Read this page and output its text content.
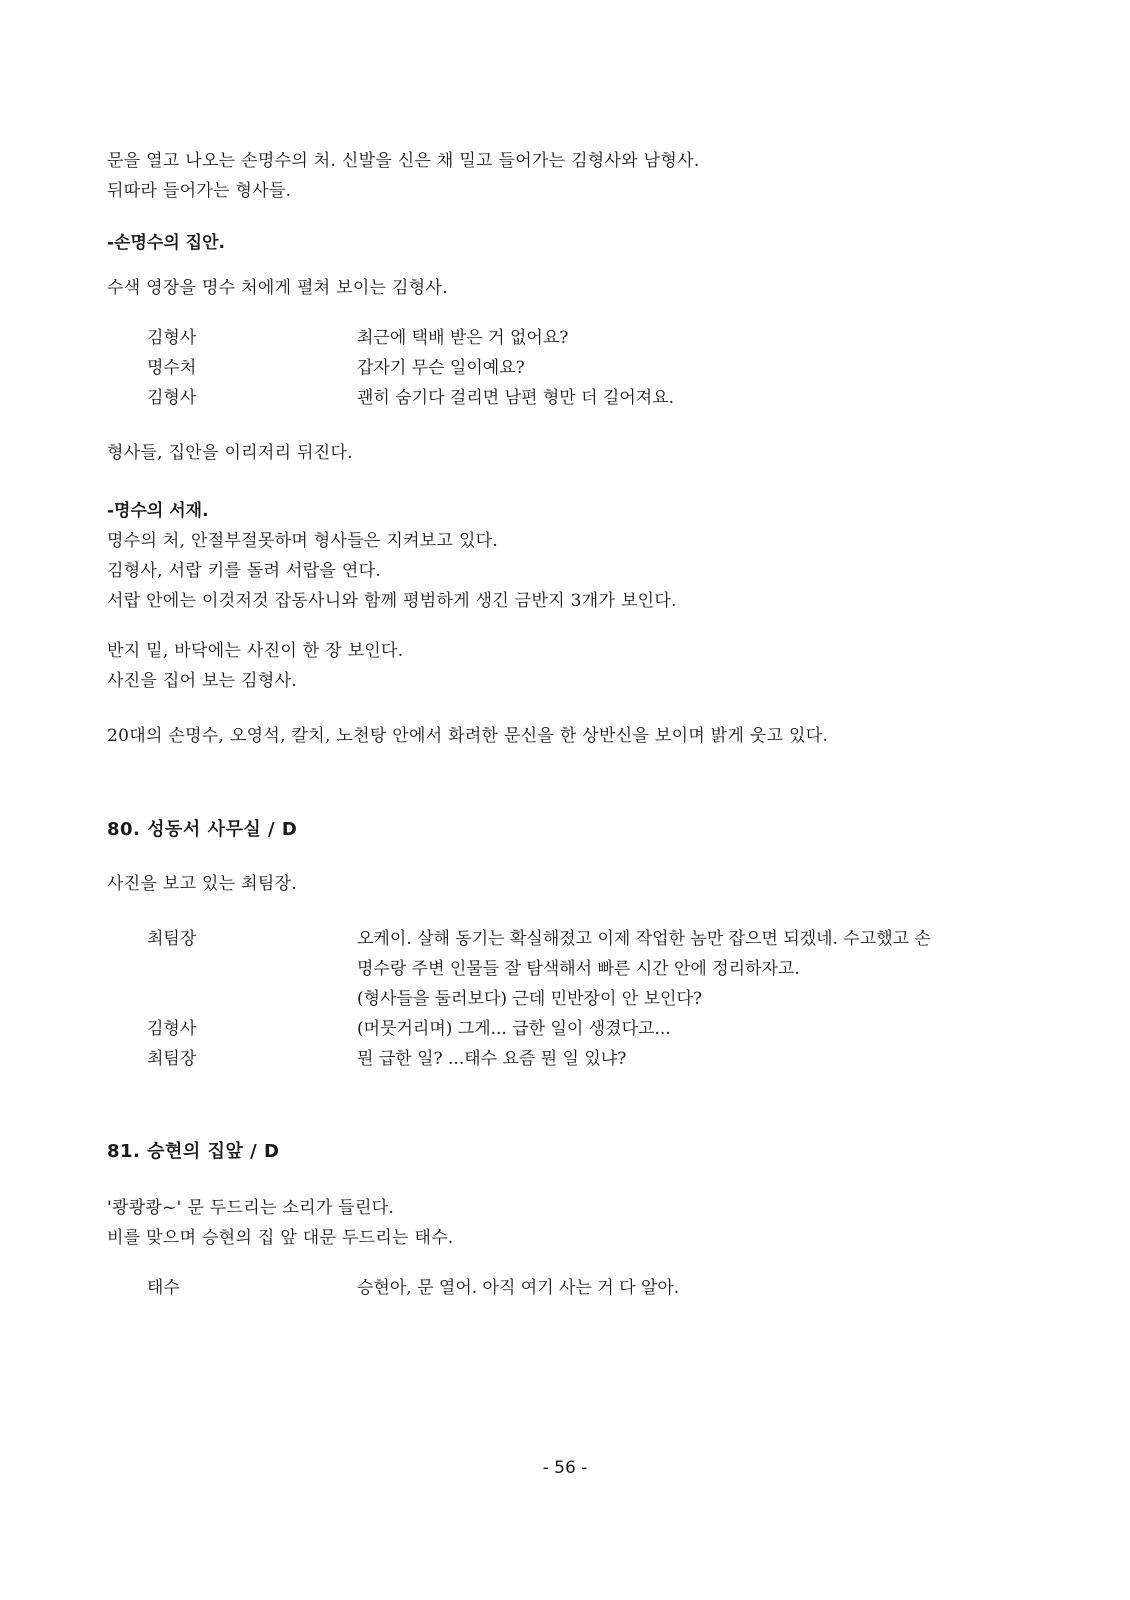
문을 열고 나오는 손명수의 처. 신발을 신은 채 밀고 들어가는 김형사와 남형사.
뒤따라 들어가는 형사들.
-손명수의 집안.
수색 영장을 명수 처에게 펼쳐 보이는 김형사.
김형사	최근에 택배 받은 거 없어요?
명수처	갑자기 무슨 일이예요?
김형사	괜히 숨기다 걸리면 남편 형만 더 길어져요.
형사들, 집안을 이리저리 뒤진다.
-명수의 서재.
명수의 처, 안절부절못하며 형사들은 지켜보고 있다.
김형사, 서랍 키를 돌려 서랍을 연다.
서랍 안에는 이것저것 잡동사니와 함께 평범하게 생긴 금반지 3개가 보인다.
반지 밑, 바닥에는 사진이 한 장 보인다.
사진을 집어 보는 김형사.
20대의 손명수, 오영석, 칼치, 노천탕 안에서 화려한 문신을 한 상반신을 보이며 밝게 웃고 있다.
80. 성동서 사무실 / D
사진을 보고 있는 최팀장.
최팀장	오케이. 살해 동기는 확실해졌고 이제 작업한 놈만 잡으면 되겠네. 수고했고 손
명수랑 주변 인물들 잘 탐색해서 빠른 시간 안에 정리하자고.
(형사들을 둘러보다) 근데 민반장이 안 보인다?
김형사	(머뭇거리며) 그게... 급한 일이 생겼다고...
최팀장	뭔 급한 일? ...태수 요즘 뭔 일 있냐?
81. 승현의 집앞 / D
'쾅쾅쾅~' 문 두드리는 소리가 들린다.
비를 맞으며 승현의 집 앞 대문 두드리는 태수.
태수	승현아, 문 열어. 아직 여기 사는 거 다 알아.
- 56 -
